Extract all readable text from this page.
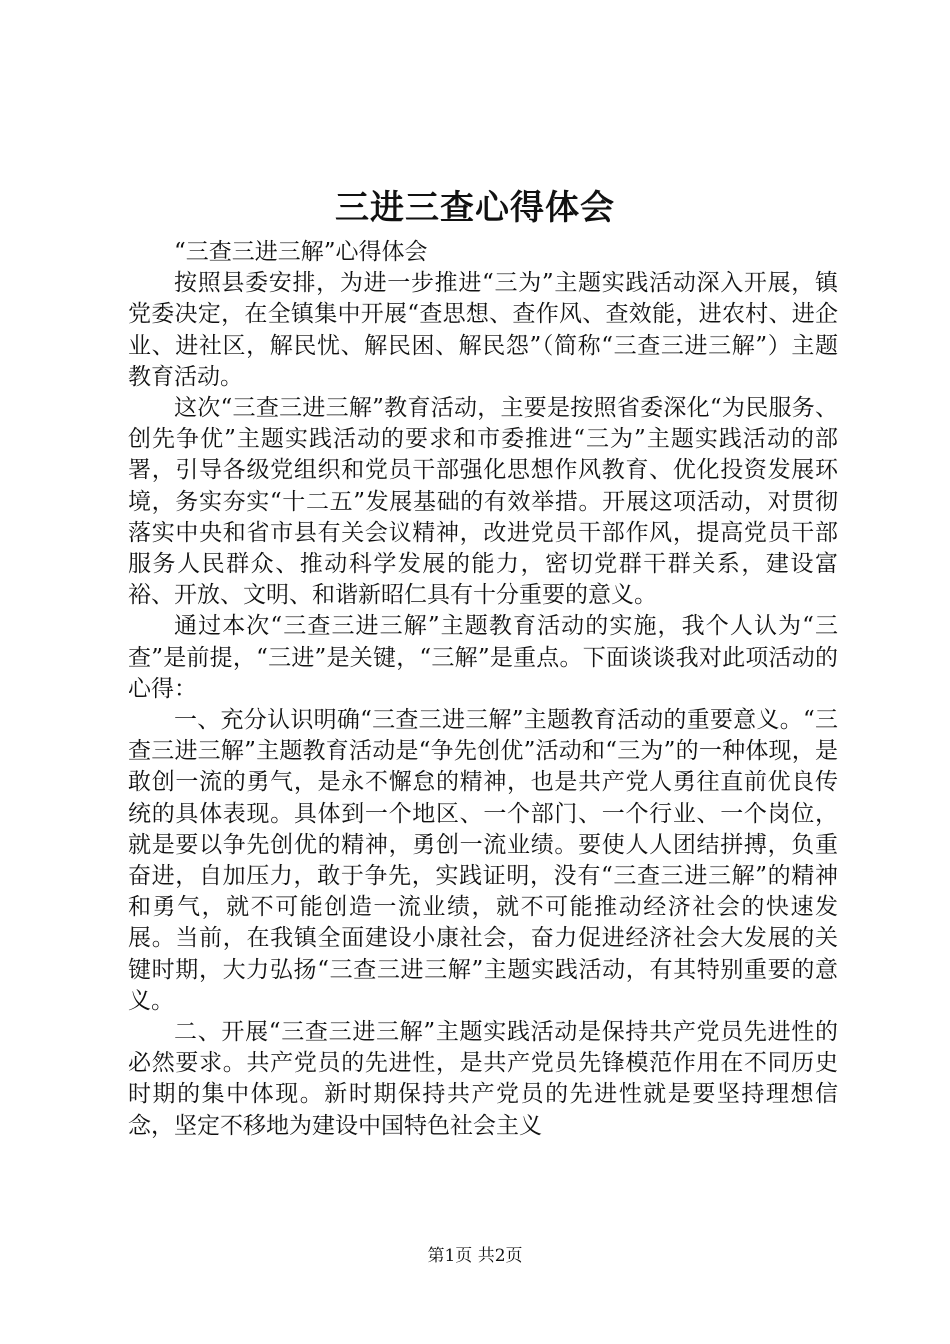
三进三查心得体会

“三查三进三解”心得体会

按照县委安排，为进一步推进“三为”主题实践活动深入开展，镇党委决定，在全镇集中开展“查思想、查作风、查效能，进农村、进企业、进社区，解民忧、解民困、解民怨”（简称“三查三进三解”）主题教育活动。

这次“三查三进三解”教育活动，主要是按照省委深化“为民服务、创先争优”主题实践活动的要求和市委推进“三为”主题实践活动的部署，引导各级党组织和党员干部强化思想作风教育、优化投资发展环境，务实夯实“十二五”发展基础的有效举措。开展这项活动，对贯彻落实中央和省市县有关会议精神，改进党员干部作风，提高党员干部服务人民群众、推动科学发展的能力，密切党群干群关系，建设富裕、开放、文明、和谐新昭仁具有十分重要的意义。

通过本次“三查三进三解”主题教育活动的实施，我个人认为“三查”是前提，“三进”是关键，“三解”是重点。下面谈谈我对此项活动的心得：

一、充分认识明确“三查三进三解”主题教育活动的重要意义。“三查三进三解”主题教育活动是“争先创优”活动和“三为”的一种体现，是敢创一流的勇气，是永不懈怠的精神，也是共产党人勇往直前优良传统的具体表现。具体到一个地区、一个部门、一个行业、一个岗位，就是要以争先创优的精神，勇创一流业绩。要使人人团结拼搏，负重奋进，自加压力，敢于争先，实践证明，没有“三查三进三解”的精神和勇气，就不可能创造一流业绩，就不可能推动经济社会的快速发展。当前，在我镇全面建设小康社会，奋力促进经济社会大发展的关键时期，大力弘扬“三查三进三解”主题实践活动，有其特别重要的意义。

二、开展“三查三进三解”主题实践活动是保持共产党员先进性的必然要求。共产党员的先进性，是共产党员先锋模范作用在不同历史时期的集中体现。新时期保持共产党员的先进性就是要坚持理想信念，坚定不移地为建设中国特色社会主义

第1页 共2页
